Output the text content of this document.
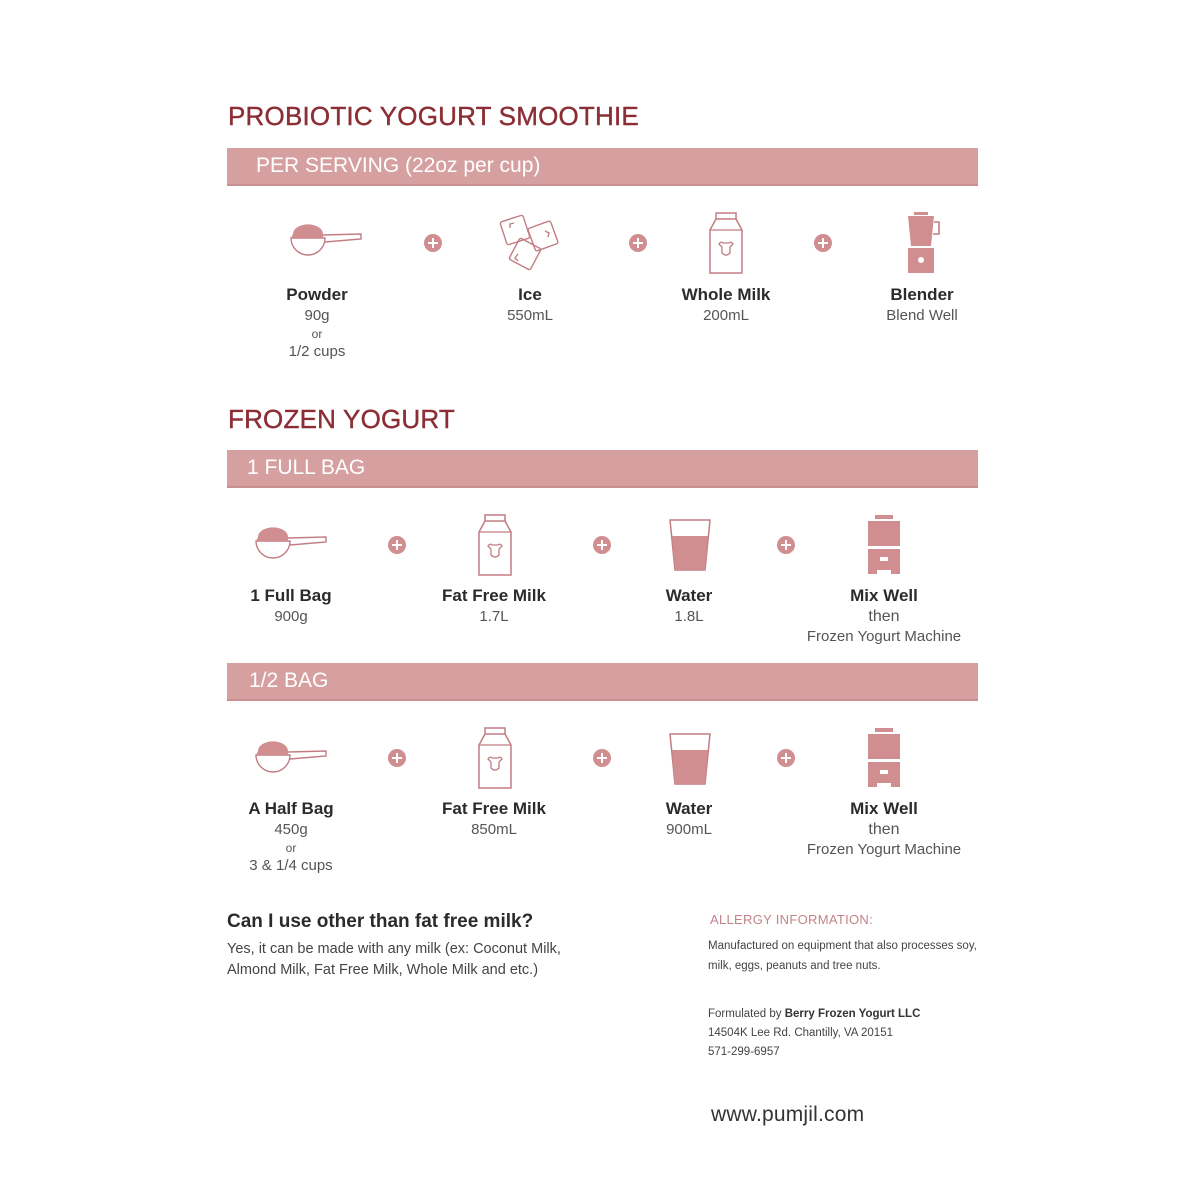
PROBIOTIC YOGURT SMOOTHIE
PER SERVING (22oz per cup)
Powder
90g
or
1/2 cups
Ice
550mL
Whole Milk
200mL
Blender
Blend Well
FROZEN YOGURT
1 FULL BAG
1 Full Bag
900g
Fat Free Milk
1.7L
Water
1.8L
Mix Well
then
Frozen Yogurt Machine
1/2 BAG
A Half Bag
450g
or
3 & 1/4 cups
Fat Free Milk
850mL
Water
900mL
Mix Well
then
Frozen Yogurt Machine
Can I use other than fat free milk?
Yes, it can be made with any milk (ex: Coconut Milk, Almond Milk, Fat Free Milk, Whole Milk and etc.)
ALLERGY INFORMATION:
Manufactured on equipment that also processes soy, milk, eggs, peanuts and tree nuts.
Formulated by Berry Frozen Yogurt LLC
14504K Lee Rd. Chantilly, VA 20151
571-299-6957
www.pumjil.com
